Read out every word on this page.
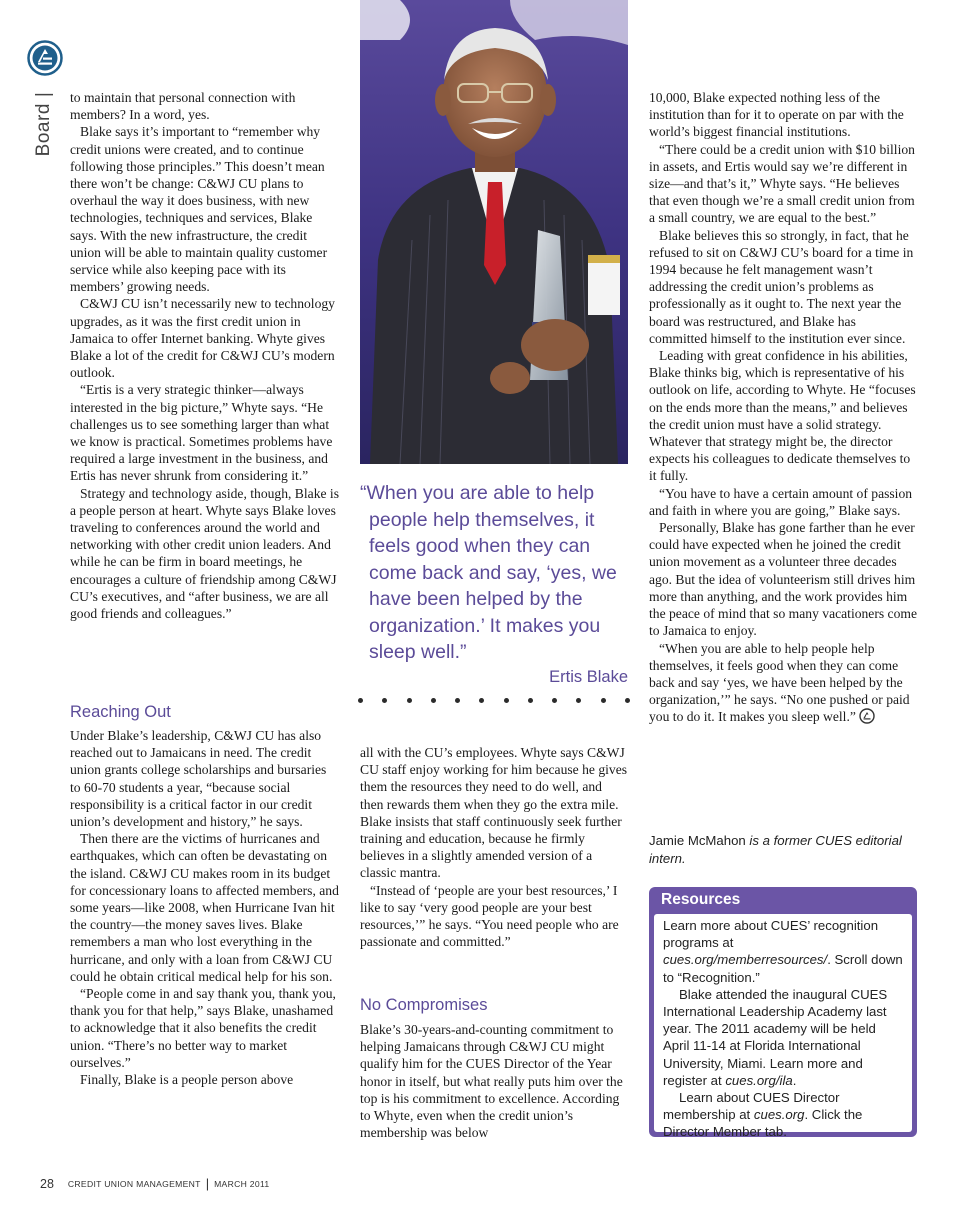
Board| to maintain that personal connection with members? In a word, yes.

Blake says it’s important to “remember why credit unions were created, and to continue following those principles.” This doesn’t mean there won’t be change: C&WJ CU plans to overhaul the way it does business, with new technologies, techniques and services, Blake says. With the new infrastructure, the credit union will be able to maintain quality customer service while also keeping pace with its members’ growing needs.

C&WJ CU isn’t necessarily new to technology upgrades, as it was the first credit union in Jamaica to offer Internet banking. Whyte gives Blake a lot of the credit for C&WJ CU’s modern outlook.

“Ertis is a very strategic thinker—always interested in the big picture,” Whyte says. “He challenges us to see something larger than what we know is practical. Sometimes problems have required a large investment in the business, and Ertis has never shrunk from considering it.”

Strategy and technology aside, though, Blake is a people person at heart. Whyte says Blake loves traveling to conferences around the world and networking with other credit union leaders. And while he can be firm in board meetings, he encourages a culture of friendship among C&WJ CU’s executives, and “after business, we are all good friends and colleagues.”

Reaching Out

Under Blake’s leadership, C&WJ CU has also reached out to Jamaicans in need. The credit union grants college scholarships and bursaries to 60-70 students a year, “because social responsibility is a critical factor in our credit union’s development and history,” he says.

Then there are the victims of hurricanes and earthquakes, which can often be devastating on the island. C&WJ CU makes room in its budget for concessionary loans to affected members, and some years—like 2008, when Hurricane Ivan hit the country—the money saves lives. Blake remembers a man who lost everything in the hurricane, and only with a loan from C&WJ CU could he obtain critical medical help for his son.

“People come in and say thank you, thank you, thank you for that help,” says Blake, unashamed to acknowledge that it also benefits the credit union. “There’s no better way to market ourselves.”

Finally, Blake is a people person above

“When you are able to help people help themselves, it feels good when they can come back and say, ‘yes, we have been helped by the organization.’ It makes you sleep well.”

Ertis Blake

all with the CU’s employees. Whyte says C&WJ CU staff enjoy working for him because he gives them the resources they need to do well, and then rewards them when they go the extra mile. Blake insists that staff continuously seek further training and education, because he firmly believes in a slightly amended version of a classic mantra.

“Instead of ‘people are your best resources,’ I like to say ‘very good people are your best resources,’” he says. “You need people who are passionate and committed.”

No Compromises

Blake’s 30-years-and-counting commitment to helping Jamaicans through C&WJ CU might qualify him for the CUES Director of the Year honor in itself, but what really puts him over the top is his commitment to excellence. According to Whyte, even when the credit union’s membership was below

10,000, Blake expected nothing less of the institution than for it to operate on par with the world’s biggest financial institutions.

“There could be a credit union with $10 billion in assets, and Ertis would say we’re different in size—and that’s it,” Whyte says. “He believes that even though we’re a small credit union from a small country, we are equal to the best.”

Blake believes this so strongly, in fact, that he refused to sit on C&WJ CU’s board for a time in 1994 because he felt management wasn’t addressing the credit union’s problems as professionally as it ought to. The next year the board was restructured, and Blake has committed himself to the institution ever since.

Leading with great confidence in his abilities, Blake thinks big, which is representative of his outlook on life, according to Whyte. He “focuses on the ends more than the means,” and believes the credit union must have a solid strategy. Whatever that strategy might be, the director expects his colleagues to dedicate themselves to it fully.

“You have to have a certain amount of passion and faith in where you are going,” Blake says.

Personally, Blake has gone farther than he ever could have expected when he joined the credit union movement as a volunteer three decades ago. But the idea of volunteerism still drives him more than anything, and the work provides him the peace of mind that so many vacationers come to Jamaica to enjoy.

“When you are able to help people help themselves, it feels good when they can come back and say ‘yes, we have been helped by the organization,’” he says. “No one pushed or paid you to do it. It makes you sleep well.”

Jamie McMahon is a former CUES editorial intern.
Resources

Learn more about CUES’ recognition programs at cues.org/memberresources/. Scroll down to “Recognition.”

Blake attended the inaugural CUES International Leadership Academy last year. The 2011 academy will be held April 11-14 at Florida International University, Miami. Learn more and register at cues.org/ila.

Learn about CUES Director membership at cues.org. Click the Director Member tab.

28 CREDIT UNION MANAGEMENT | MARCH 2011
